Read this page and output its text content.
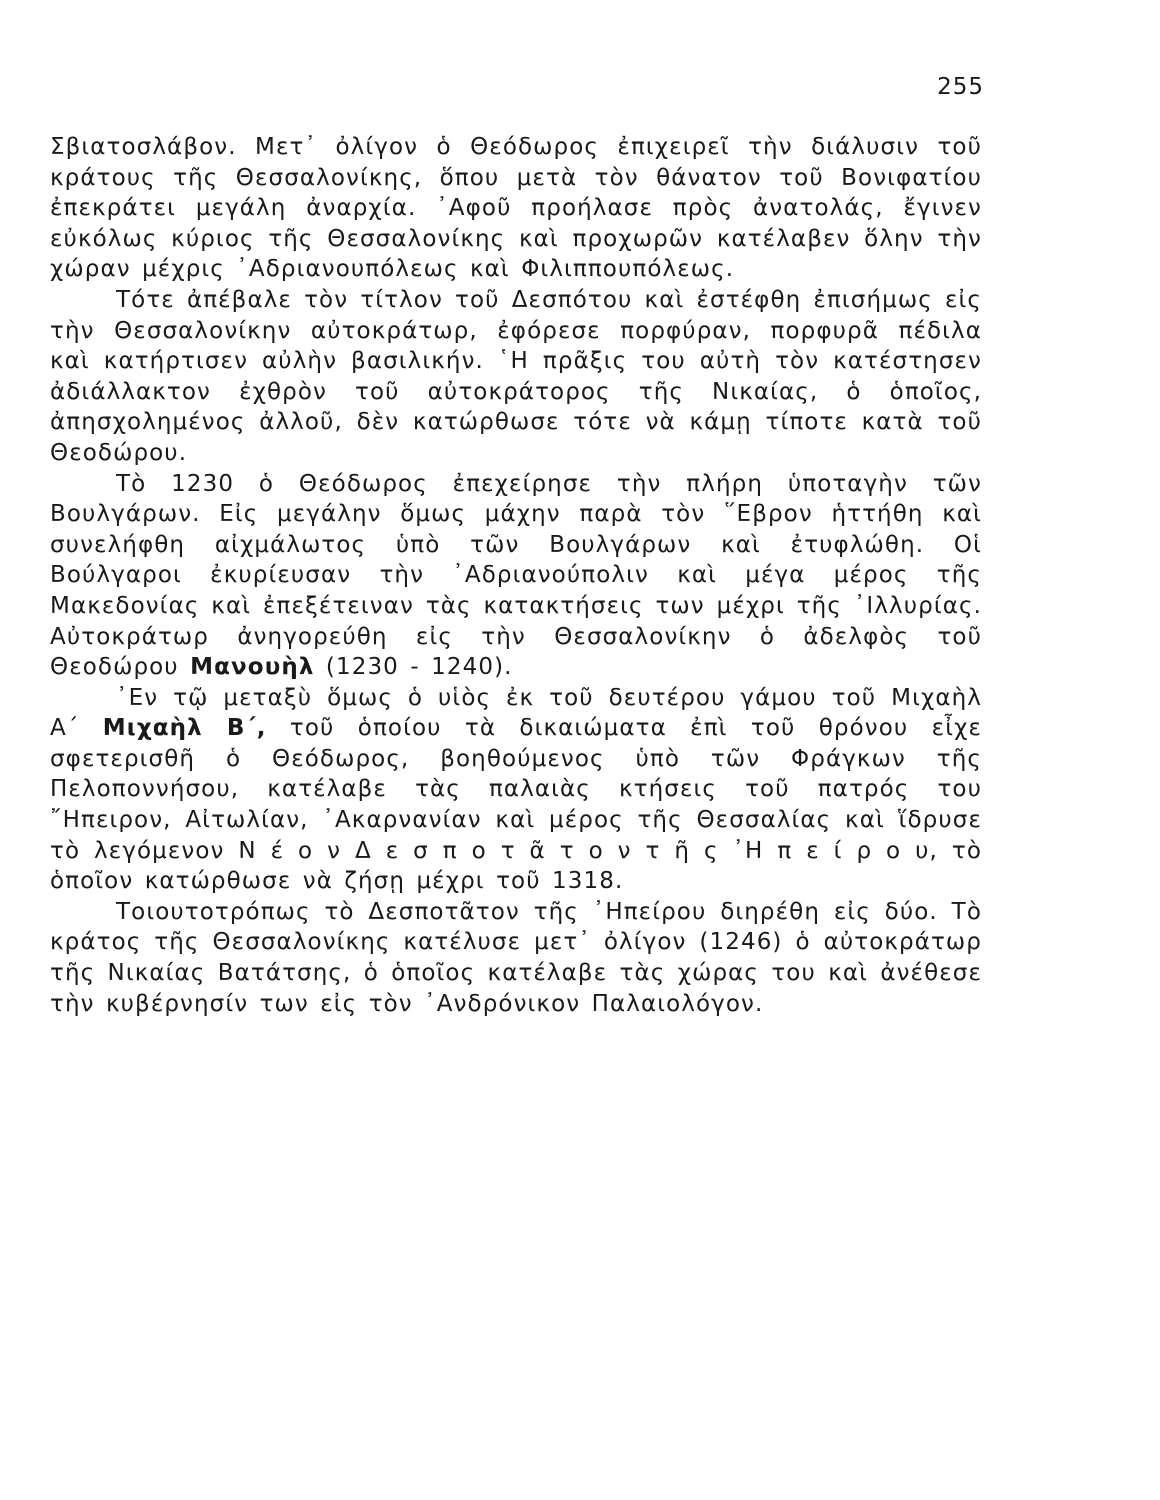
255

Σβιατοσλάβον. Μετ᾿ ὀλίγον ὁ Θεόδωρος ἐπιχειρεῖ τὴν διάλυσιν τοῦ κράτους τῆς Θεσσαλονίκης, ὅπου μετὰ τὸν θάνατον τοῦ Βονιφατίου ἐπεκράτει μεγάλη ἀναρχία. ᾿Αφοῦ προήλασε πρὸς ἀνατολάς, ἔγινεν εὐκόλως κύριος τῆς Θεσσαλονίκης καὶ προχωρῶν κατέλαβεν ὅλην τὴν χώραν μέχρις ᾿Αδριανουπόλεως καὶ Φιλιππουπόλεως.

Τότε ἀπέβαλε τὸν τίτλον τοῦ Δεσπότου καὶ ἐστέφθη ἐπισήμως εἰς τὴν Θεσσαλονίκην αὐτοκράτωρ, ἐφόρεσε πορφύραν, πορφυρᾶ πέδιλα καὶ κατήρτισεν αὐλὴν βασιλικήν. ῾Η πρᾶξις του αὐτὴ τὸν κατέστησεν ἀδιάλλακτον ἐχθρὸν τοῦ αὐτοκράτορος τῆς Νικαίας, ὁ ὁποῖος, ἀπησχολημένος ἀλλοῦ, δὲν κατώρθωσε τότε νὰ κάμῃ τίποτε κατὰ τοῦ Θεοδώρου.

Τὸ 1230 ὁ Θεόδωρος ἐπεχείρησε τὴν πλήρη ὑποταγὴν τῶν Βουλγάρων. Εἰς μεγάλην ὅμως μάχην παρὰ τὸν ῞Εβρον ἡττήθη καὶ συνελήφθη αἰχμάλωτος ὑπὸ τῶν Βουλγάρων καὶ ἐτυφλώθη. Οἱ Βούλγαροι ἐκυρίευσαν τὴν ᾿Αδριανούπολιν καὶ μέγα μέρος τῆς Μακεδονίας καὶ ἐπεξέτειναν τὰς κατακτήσεις των μέχρι τῆς ᾿Ιλλυρίας. Αὐτοκράτωρ ἀνηγορεύθη εἰς τὴν Θεσσαλονίκην ὁ ἀδελφὸς τοῦ Θεοδώρου Μανουὴλ (1230 - 1240).

᾿Εν τῷ μεταξὺ ὅμως ὁ υἱὸς ἐκ τοῦ δευτέρου γάμου τοῦ Μιχαὴλ Α΄ Μιχαὴλ Β΄, τοῦ ὁποίου τὰ δικαιώματα ἐπὶ τοῦ θρόνου εἶχε σφετερισθῆ ὁ Θεόδωρος, βοηθούμενος ὑπὸ τῶν Φράγκων τῆς Πελοποννήσου, κατέλαβε τὰς παλαιὰς κτήσεις τοῦ πατρός του ῎Ηπειρον, Αἰτωλίαν, ᾿Ακαρνανίαν καὶ μέρος τῆς Θεσσαλίας καὶ ἵδρυσε τὸ λεγόμενον Ν έ ο ν Δ ε σ π ο τ ᾶ τ ο ν τ ῆ ς ᾿Η π ε ί ρ ο υ, τὸ ὁποῖον κατώρθωσε νὰ ζήσῃ μέχρι τοῦ 1318.

Τοιουτοτρόπως τὸ Δεσποτᾶτον τῆς ᾿Ηπείρου διηρέθη εἰς δύο. Τὸ κράτος τῆς Θεσσαλονίκης κατέλυσε μετ᾿ ὀλίγον (1246) ὁ αὐτοκράτωρ τῆς Νικαίας Βατάτσης, ὁ ὁποῖος κατέλαβε τὰς χώρας του καὶ ἀνέθεσε τὴν κυβέρνησίν των εἰς τὸν ᾿Ανδρόνικον Παλαιολόγον.
